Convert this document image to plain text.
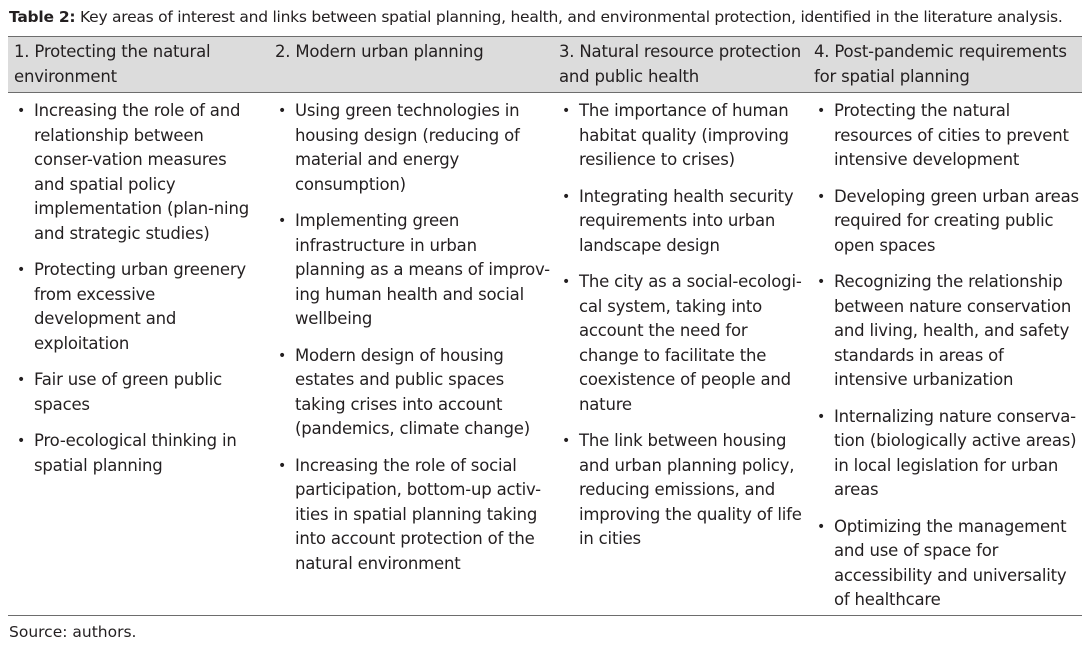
Table 2: Key areas of interest and links between spatial planning, health, and environmental protection, identified in the literature analysis.
1. Protecting the natural environment
2. Modern urban planning	3. Natural resource protection and public health
4. Post-pandemic requirements for spatial planning
• Increasing the role of and relationship between conser-vation measures and spatial policy implementation (plan-ning and strategic studies)
• Protecting urban greenery from excessive development and exploitation
• Fair use of green public spaces
• Pro-ecological thinking in spatial planning
• Using green technologies in housing design (reducing of material and energy consumption)
• Implementing green infrastructure in urban planning as a means of improv-ing human health and social wellbeing
• Modern design of housing estates and public spaces taking crises into account (pandemics, climate change)
• Increasing the role of social participation, bottom-up activ-ities in spatial planning taking into account protection of the natural environment
• The importance of human habitat quality (improving resilience to crises)
• Integrating health security requirements into urban landscape design
• The city as a social-ecologi-cal system, taking into account the need for change to facilitate the coexistence of people and nature
• The link between housing and urban planning policy, reducing emissions, and improving the quality of life in cities
• Protecting the natural resources of cities to prevent intensive development
• Developing green urban areas required for creating public open spaces
• Recognizing the relationship between nature conservation and living, health, and safety standards in areas of intensive urbanization
• Internalizing nature conserva-tion (biologically active areas) in local legislation for urban areas
• Optimizing the management and use of space for accessibility and universality of healthcare
Source: authors.
